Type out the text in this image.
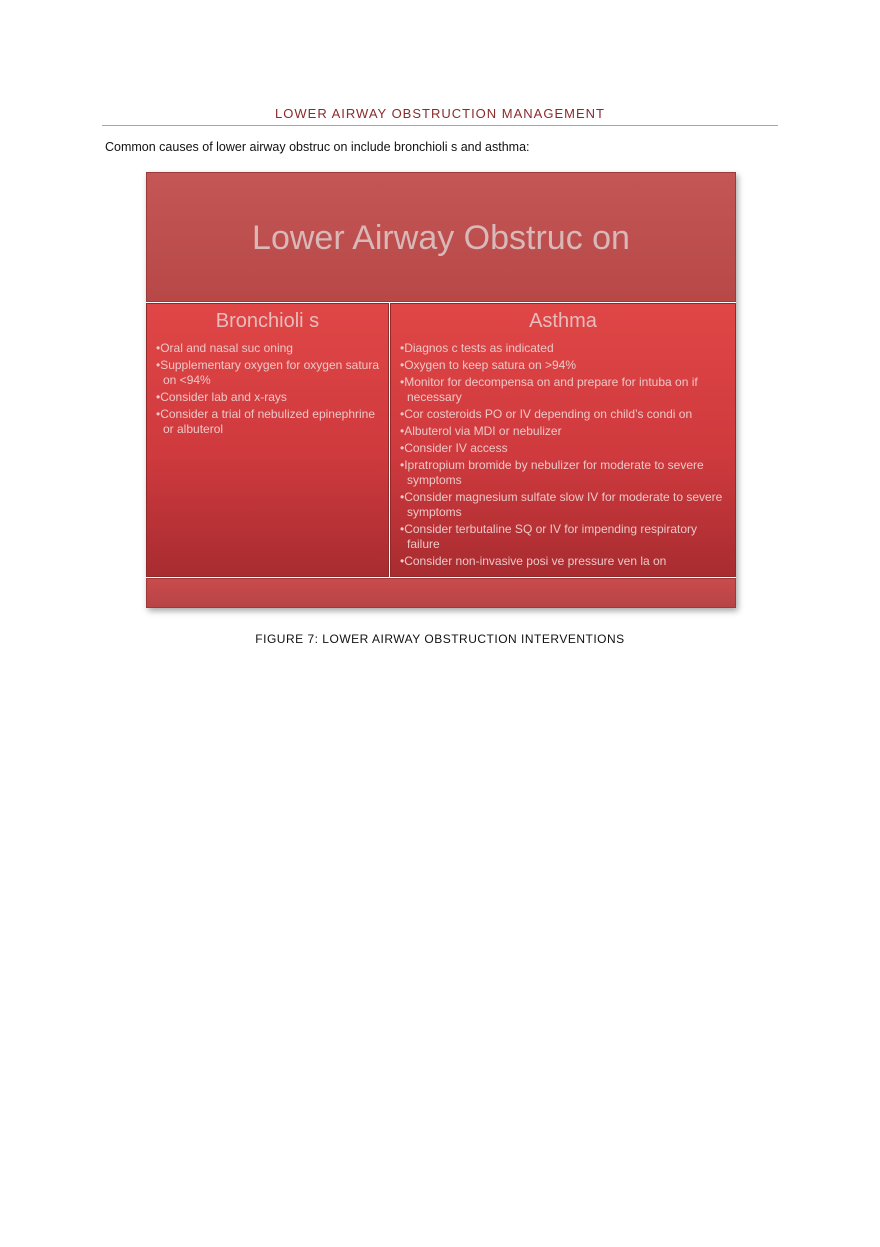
LOWER AIRWAY OBSTRUCTION MANAGEMENT
Common causes of lower airway obstruc on include bronchioli s and asthma:
Lower Airway Obstruc on
Bronchioli s
• Oral and nasal suc oning
• Supplementary oxygen for oxygen satura on <94%
• Consider lab and x-rays
• Consider a trial of nebulized epinephrine or albuterol
Asthma
• Diagnos c tests as indicated
• Oxygen to keep satura on >94%
• Monitor for decompensa on and prepare for intuba on if necessary
• Cor costeroids PO or IV depending on child’s condi on
• Albuterol via MDI or nebulizer
• Consider IV access
• Ipratropium bromide by nebulizer for moderate to severe symptoms
• Consider magnesium sulfate slow IV for moderate to severe symptoms
• Consider terbutaline SQ or IV for impending respiratory failure
• Consider non-invasive posi ve pressure ven la on
FIGURE 7: LOWER AIRWAY OBSTRUCTION INTERVENTIONS
